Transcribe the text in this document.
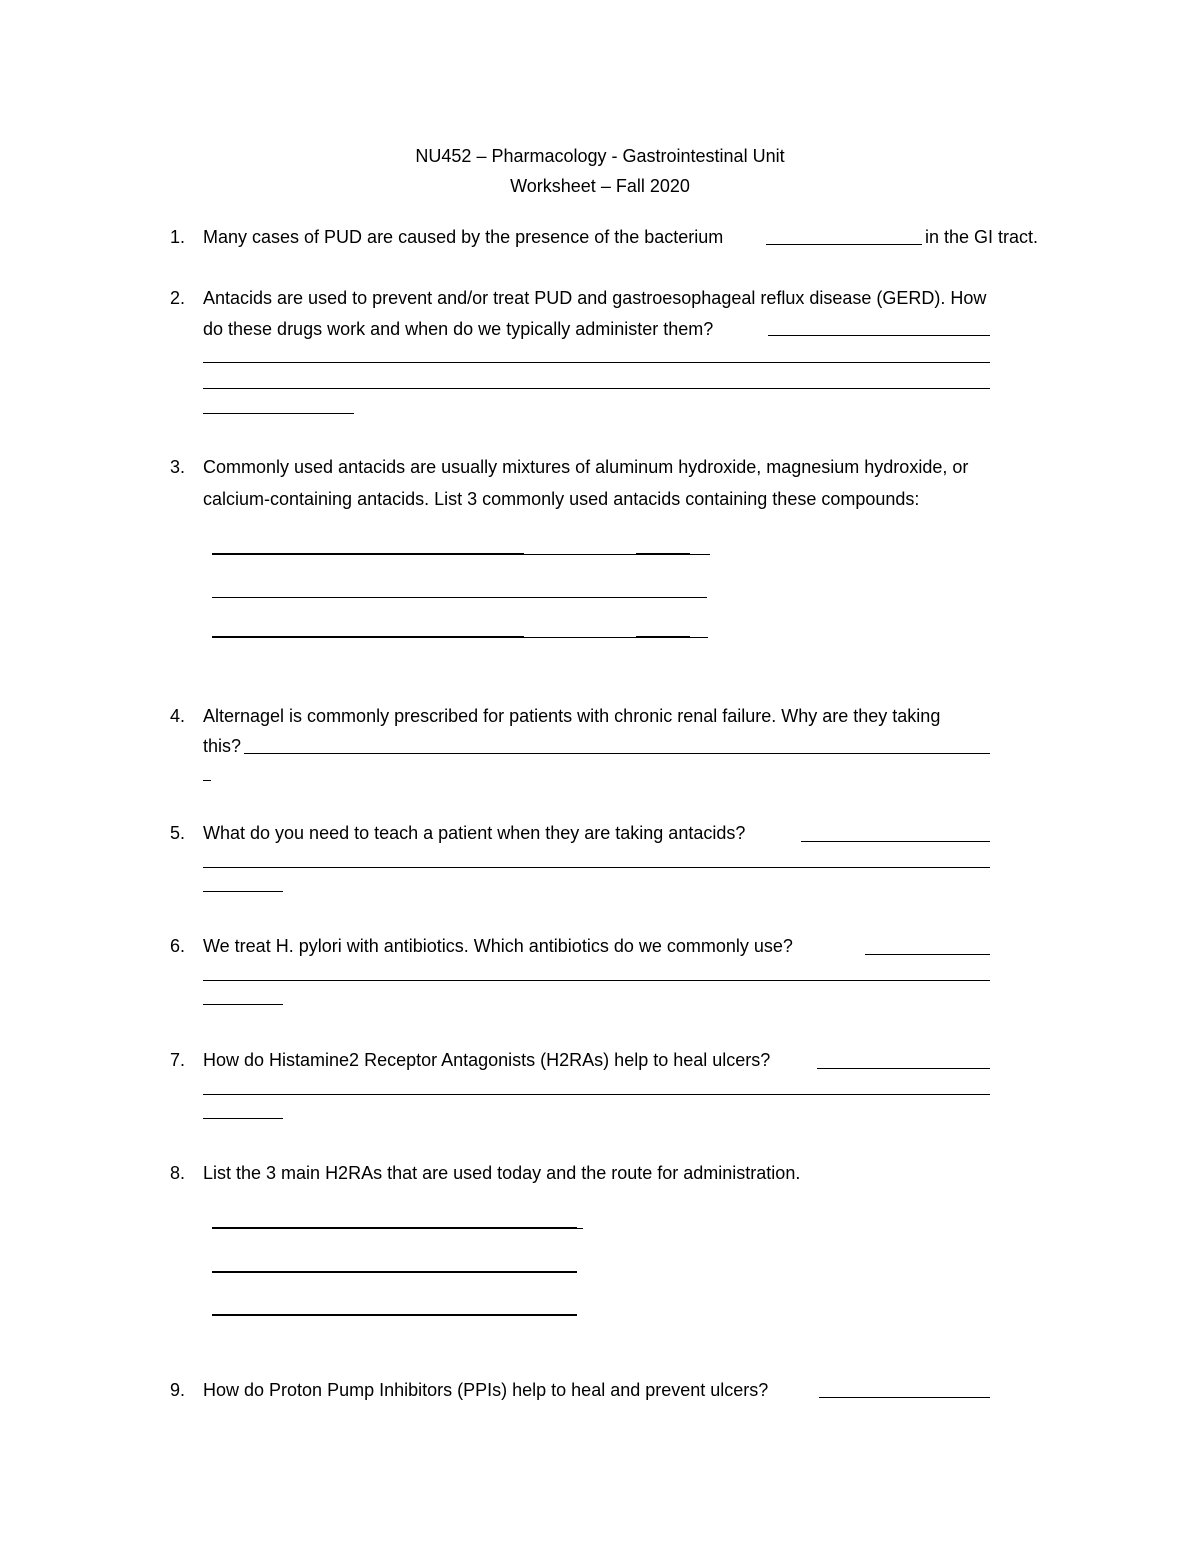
NU452 – Pharmacology - Gastrointestinal Unit
Worksheet – Fall 2020
1. Many cases of PUD are caused by the presence of the bacterium	in the GI tract.
2. Antacids are used to prevent and/or treat PUD and gastroesophageal reflux disease (GERD). How
do these drugs work and when do we typically administer them?
3. Commonly used antacids are usually mixtures of aluminum hydroxide, magnesium hydroxide, or
calcium-containing antacids. List 3 commonly used antacids containing these compounds:
4. Alternagel is commonly prescribed for patients with chronic renal failure. Why are they taking
this?
5. What do you need to teach a patient when they are taking antacids?
6. We treat H. pylori with antibiotics. Which antibiotics do we commonly use?
7. How do Histamine2 Receptor Antagonists (H2RAs) help to heal ulcers?
8. List the 3 main H2RAs that are used today and the route for administration.
9. How do Proton Pump Inhibitors (PPIs) help to heal and prevent ulcers?
